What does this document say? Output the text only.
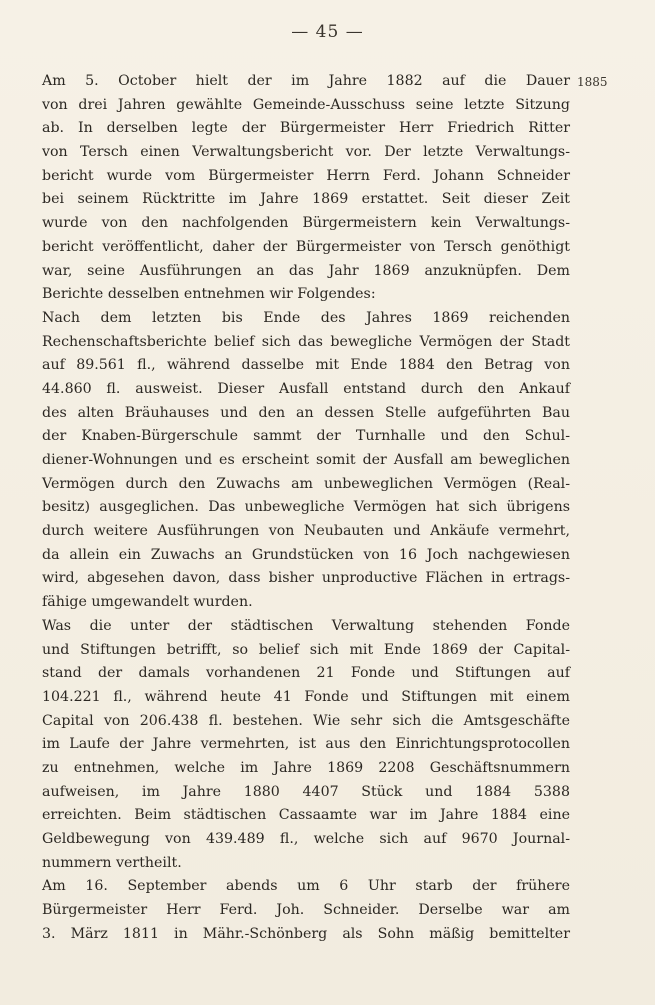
— 45 —
1885
Am 5. October hielt der im Jahre 1882 auf die Dauer
von drei Jahren gewählte Gemeinde-Ausschuss seine letzte Sitzung
ab. In derselben legte der Bürgermeister Herr Friedrich Ritter
von Tersch einen Verwaltungsbericht vor. Der letzte Verwaltungs-
bericht wurde vom Bürgermeister Herrn Ferd. Johann Schneider
bei seinem Rücktritte im Jahre 1869 erstattet. Seit dieser Zeit
wurde von den nachfolgenden Bürgermeistern kein Verwaltungs-
bericht veröffentlicht, daher der Bürgermeister von Tersch genöthigt
war, seine Ausführungen an das Jahr 1869 anzuknüpfen. Dem
Berichte desselben entnehmen wir Folgendes:
Nach dem letzten bis Ende des Jahres 1869 reichenden
Rechenschaftsberichte belief sich das bewegliche Vermögen der Stadt
auf 89.561 fl., während dasselbe mit Ende 1884 den Betrag von
44.860 fl. ausweist. Dieser Ausfall entstand durch den Ankauf
des alten Bräuhauses und den an dessen Stelle aufgeführten Bau
der Knaben-Bürgerschule sammt der Turnhalle und den Schul-
diener-Wohnungen und es erscheint somit der Ausfall am beweglichen
Vermögen durch den Zuwachs am unbeweglichen Vermögen (Real-
besitz) ausgeglichen. Das unbewegliche Vermögen hat sich übrigens
durch weitere Ausführungen von Neubauten und Ankäufe vermehrt,
da allein ein Zuwachs an Grundstücken von 16 Joch nachgewiesen
wird, abgesehen davon, dass bisher unproductive Flächen in ertrags-
fähige umgewandelt wurden.
Was die unter der städtischen Verwaltung stehenden Fonde
und Stiftungen betrifft, so belief sich mit Ende 1869 der Capital-
stand der damals vorhandenen 21 Fonde und Stiftungen auf
104.221 fl., während heute 41 Fonde und Stiftungen mit einem
Capital von 206.438 fl. bestehen. Wie sehr sich die Amtsgeschäfte
im Laufe der Jahre vermehrten, ist aus den Einrichtungsprotocollen
zu entnehmen, welche im Jahre 1869 2208 Geschäftsnummern
aufweisen, im Jahre 1880 4407 Stück und 1884 5388
erreichten. Beim städtischen Cassaamte war im Jahre 1884 eine
Geldbewegung von 439.489 fl., welche sich auf 9670 Journal-
nummern vertheilt.
Am 16. September abends um 6 Uhr starb der frühere
Bürgermeister Herr Ferd. Joh. Schneider. Derselbe war am
3. März 1811 in Mähr.-Schönberg als Sohn mäßig bemittelter
